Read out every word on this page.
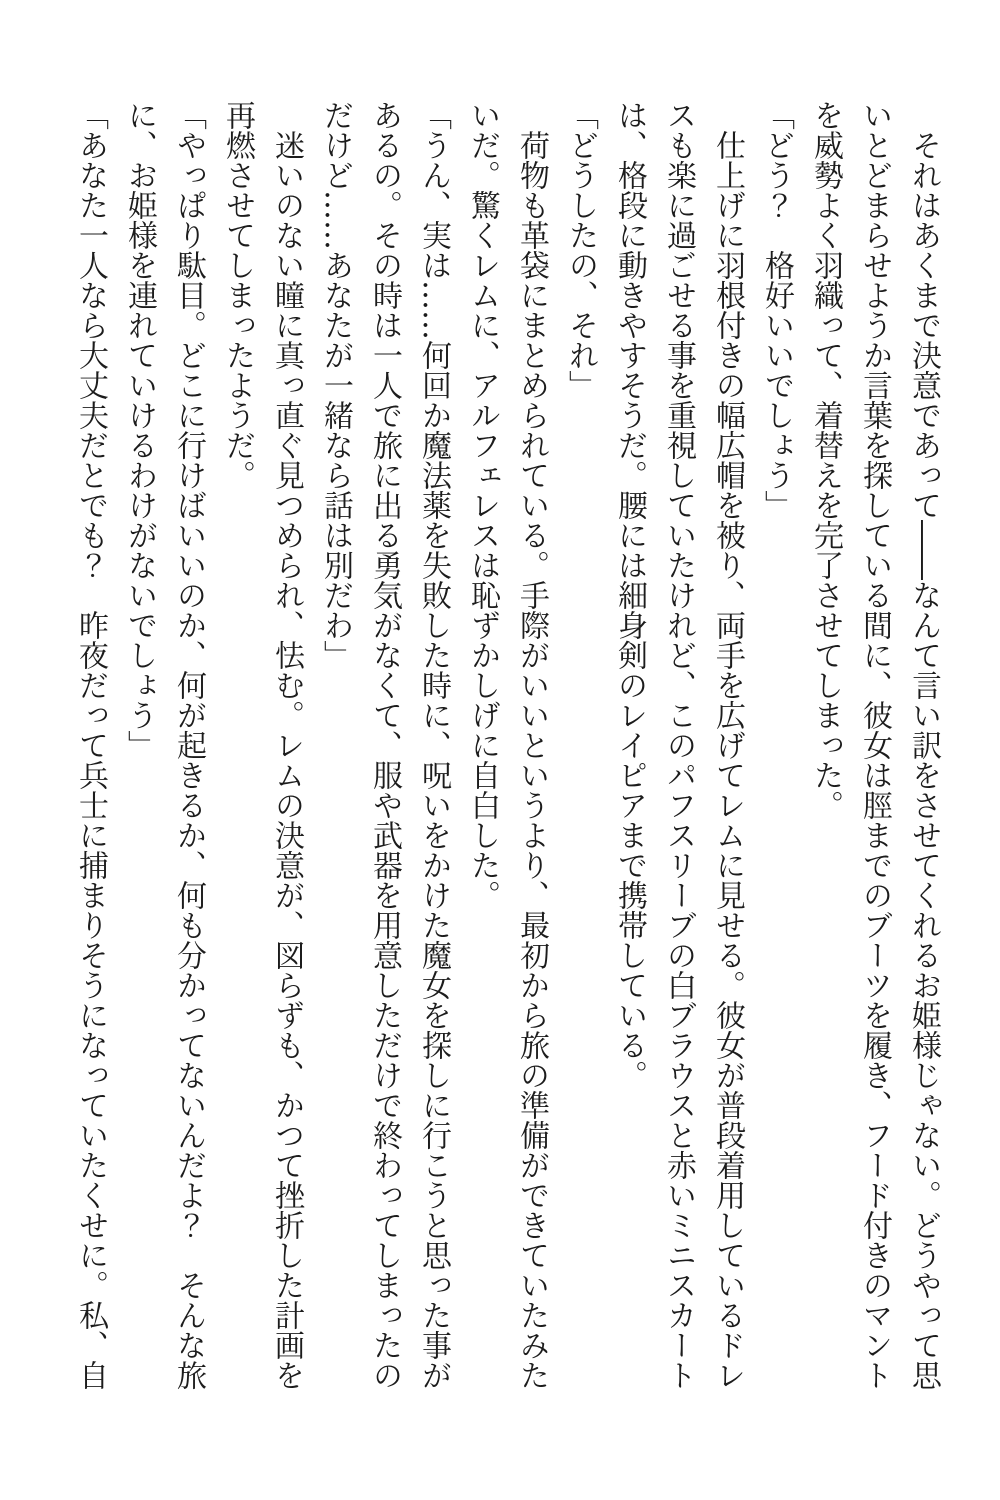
　それはあくまで決意であって――なんて言い訳をさせてくれるお姫様じゃない。どうやって思
いとどまらせようか言葉を探している間に、彼女は脛までのブーツを履き、フード付きのマント
を威勢よく羽織って、着替えを完了させてしまった。
「どう？　格好いいでしょう」
　仕上げに羽根付きの幅広帽を被り、両手を広げてレムに見せる。彼女が普段着用しているドレ
スも楽に過ごせる事を重視していたけれど、このパフスリーブの白ブラウスと赤いミニスカート
は、格段に動きやすそうだ。腰には細身剣のレイピアまで携帯している。
「どうしたの、それ」
　荷物も革袋にまとめられている。手際がいいというより、最初から旅の準備ができていたみた
いだ。驚くレムに、アルフェレスは恥ずかしげに自白した。
「うん、実は……何回か魔法薬を失敗した時に、呪いをかけた魔女を探しに行こうと思った事が
あるの。その時は一人で旅に出る勇気がなくて、服や武器を用意しただけで終わってしまったの
だけど……あなたが一緒なら話は別だわ」
　迷いのない瞳に真っ直ぐ見つめられ、怯む。レムの決意が、図らずも、かつて挫折した計画を
再燃させてしまったようだ。
「やっぱり駄目。どこに行けばいいのか、何が起きるか、何も分かってないんだよ？　そんな旅
に、お姫様を連れていけるわけがないでしょう」
「あなた一人なら大丈夫だとでも？　昨夜だって兵士に捕まりそうになっていたくせに。私、自
